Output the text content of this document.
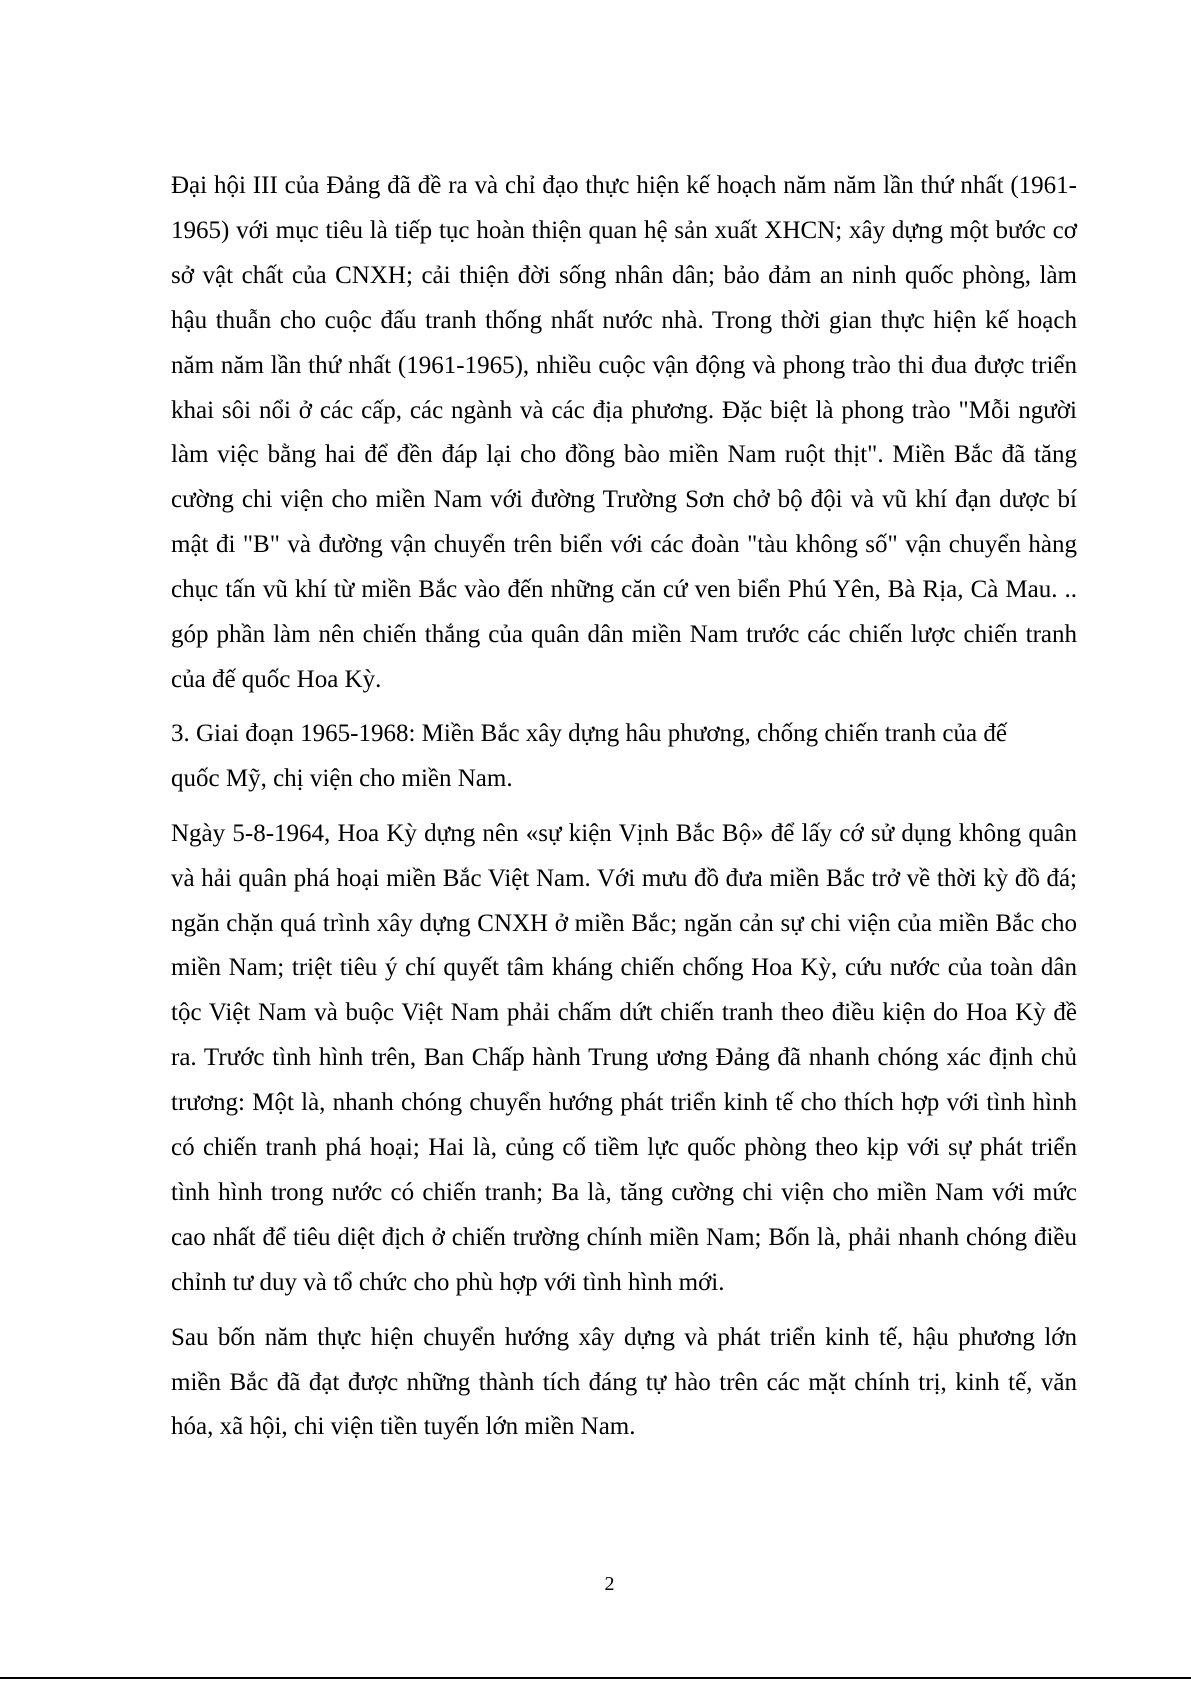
Đại hội III của Đảng đã đề ra và chỉ đạo thực hiện kế hoạch năm năm lần thứ nhất (1961-1965) với mục tiêu là tiếp tục hoàn thiện quan hệ sản xuất XHCN; xây dựng một bước cơ sở vật chất của CNXH; cải thiện đời sống nhân dân; bảo đảm an ninh quốc phòng, làm hậu thuẫn cho cuộc đấu tranh thống nhất nước nhà. Trong thời gian thực hiện kế hoạch năm năm lần thứ nhất (1961-1965), nhiều cuộc vận động và phong trào thi đua được triển khai sôi nổi ở các cấp, các ngành và các địa phương. Đặc biệt là phong trào "Mỗi người làm việc bằng hai để đền đáp lại cho đồng bào miền Nam ruột thịt". Miền Bắc đã tăng cường chi viện cho miền Nam với đường Trường Sơn chở bộ đội và vũ khí đạn dược bí mật đi "B" và đường vận chuyển trên biển với các đoàn "tàu không số" vận chuyển hàng chục tấn vũ khí từ miền Bắc vào đến những căn cứ ven biển Phú Yên, Bà Rịa, Cà Mau. .. góp phần làm nên chiến thắng của quân dân miền Nam trước các chiến lược chiến tranh của đế quốc Hoa Kỳ.

3. Giai đoạn 1965-1968: Miền Bắc xây dựng hâu phương, chống chiến tranh của đế quốc Mỹ, chị viện cho miền Nam.

Ngày 5-8-1964, Hoa Kỳ dựng nên «sự kiện Vịnh Bắc Bộ» để lấy cớ sử dụng không quân và hải quân phá hoại miền Bắc Việt Nam. Với mưu đồ đưa miền Bắc trở về thời kỳ đồ đá; ngăn chặn quá trình xây dựng CNXH ở miền Bắc; ngăn cản sự chi viện của miền Bắc cho miền Nam; triệt tiêu ý chí quyết tâm kháng chiến chống Hoa Kỳ, cứu nước của toàn dân tộc Việt Nam và buộc Việt Nam phải chấm dứt chiến tranh theo điều kiện do Hoa Kỳ đề ra. Trước tình hình trên, Ban Chấp hành Trung ương Đảng đã nhanh chóng xác định chủ trương: Một là, nhanh chóng chuyển hướng phát triển kinh tế cho thích hợp với tình hình có chiến tranh phá hoại; Hai là, củng cố tiềm lực quốc phòng theo kịp với sự phát triển tình hình trong nước có chiến tranh; Ba là, tăng cường chi viện cho miền Nam với mức cao nhất để tiêu diệt địch ở chiến trường chính miền Nam; Bốn là, phải nhanh chóng điều chỉnh tư duy và tổ chức cho phù hợp với tình hình mới.

Sau bốn năm thực hiện chuyển hướng xây dựng và phát triển kinh tế, hậu phương lớn miền Bắc đã đạt được những thành tích đáng tự hào trên các mặt chính trị, kinh tế, văn hóa, xã hội, chi viện tiền tuyến lớn miền Nam.

2
